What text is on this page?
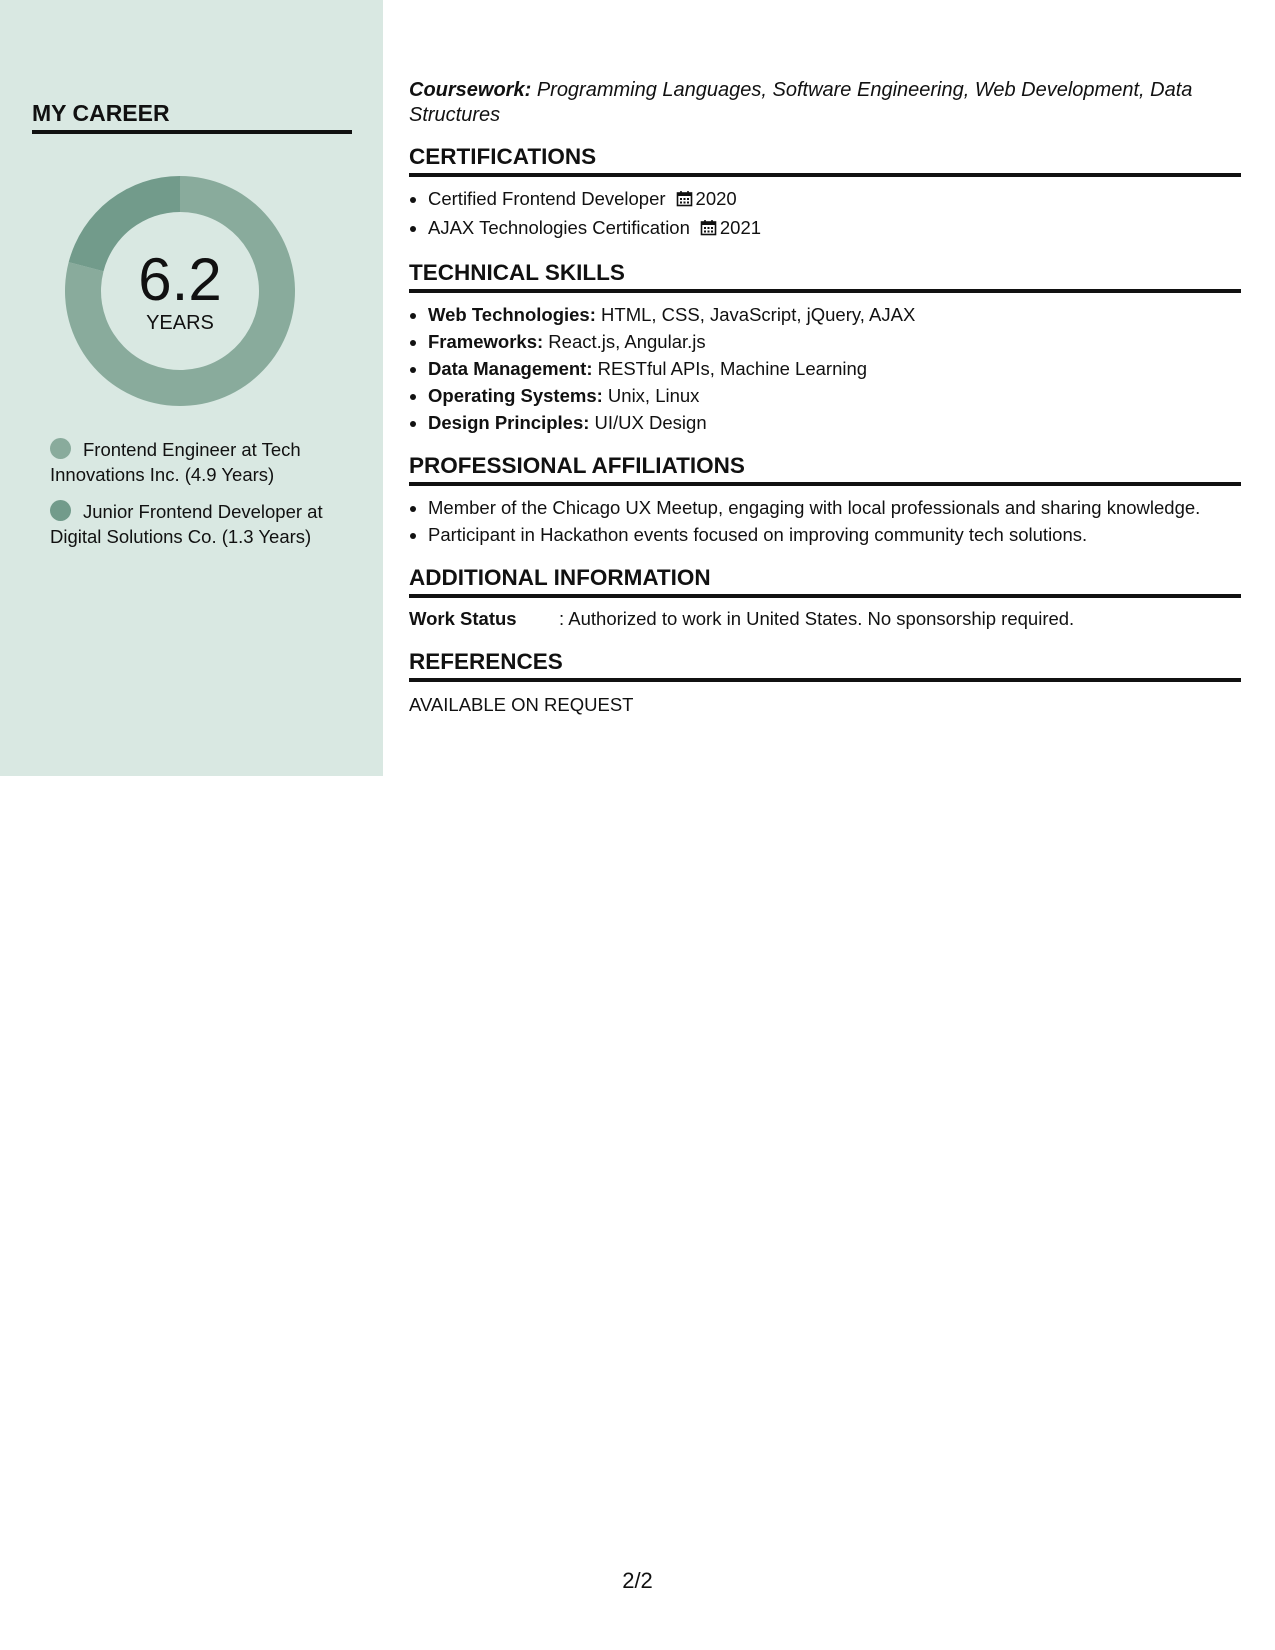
MY CAREER
6.2
YEARS
Frontend Engineer at Tech Innovations Inc. (4.9 Years)
Junior Frontend Developer at Digital Solutions Co. (1.3 Years)

Coursework: Programming Languages, Software Engineering, Web Development, Data Structures

CERTIFICATIONS
• Certified Frontend Developer 2020
• AJAX Technologies Certification 2021
TECHNICAL SKILLS
• Web Technologies: HTML, CSS, JavaScript, jQuery, AJAX
• Frameworks: React.js, Angular.js
• Data Management: RESTful APIs, Machine Learning
• Operating Systems: Unix, Linux
• Design Principles: UI/UX Design
PROFESSIONAL AFFILIATIONS
• Member of the Chicago UX Meetup, engaging with local professionals and sharing knowledge.
• Participant in Hackathon events focused on improving community tech solutions.
ADDITIONAL INFORMATION
Work Status : Authorized to work in United States. No sponsorship required.
REFERENCES
AVAILABLE ON REQUEST
2/2
